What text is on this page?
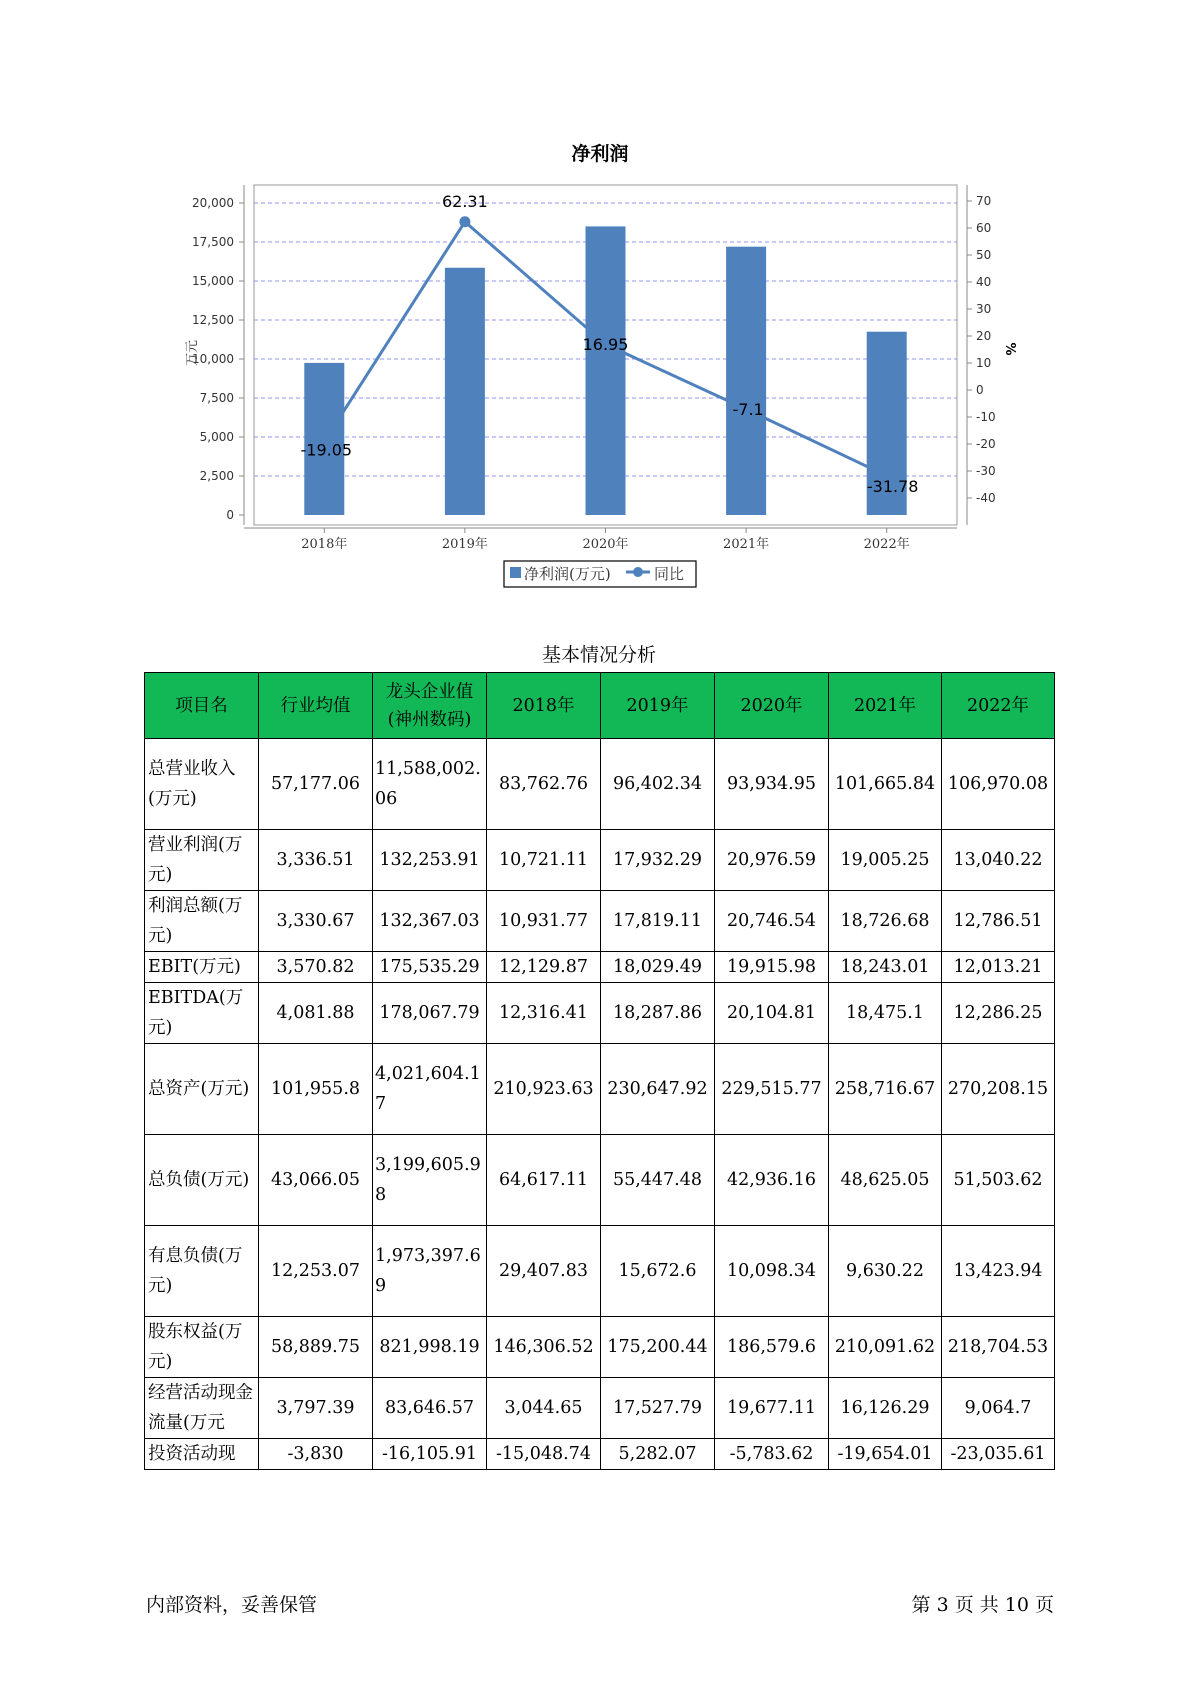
净利润
-19.05
62.31
16.95
-7.1
-31.78
0
2,500
5,000
7,500
10,000
12,500
15,000
17,500
20,000
-40
-30
-20
-10
0
10
20
30
40
50
60
70
2018年	2019年	2020年	2021年	2022年
万元	%
净利润(万元)	同比
基本情况分析
项目名	行业均值	龙头企业值(神州数码)	2018年	2019年	2020年	2021年	2022年
总营业收入(万元)	57,177.06	11,588,002.06	83,762.76	96,402.34	93,934.95	101,665.84	106,970.08
营业利润(万元)	3,336.51	132,253.91	10,721.11	17,932.29	20,976.59	19,005.25	13,040.22
利润总额(万元)	3,330.67	132,367.03	10,931.77	17,819.11	20,746.54	18,726.68	12,786.51
EBIT(万元)	3,570.82	175,535.29	12,129.87	18,029.49	19,915.98	18,243.01	12,013.21
EBITDA(万元)	4,081.88	178,067.79	12,316.41	18,287.86	20,104.81	18,475.1	12,286.25
总资产(万元)	101,955.8	4,021,604.17	210,923.63	230,647.92	229,515.77	258,716.67	270,208.15
总负债(万元)	43,066.05	3,199,605.98	64,617.11	55,447.48	42,936.16	48,625.05	51,503.62
有息负债(万元)	12,253.07	1,973,397.69	29,407.83	15,672.6	10,098.34	9,630.22	13,423.94
股东权益(万元)	58,889.75	821,998.19	146,306.52	175,200.44	186,579.6	210,091.62	218,704.53
经营活动现金流量(万元	3,797.39	83,646.57	3,044.65	17,527.79	19,677.11	16,126.29	9,064.7
投资活动现	-3,830	-16,105.91	-15,048.74	5,282.07	-5,783.62	-19,654.01	-23,035.61
内部资料，妥善保管	第 3 页 共 10 页
